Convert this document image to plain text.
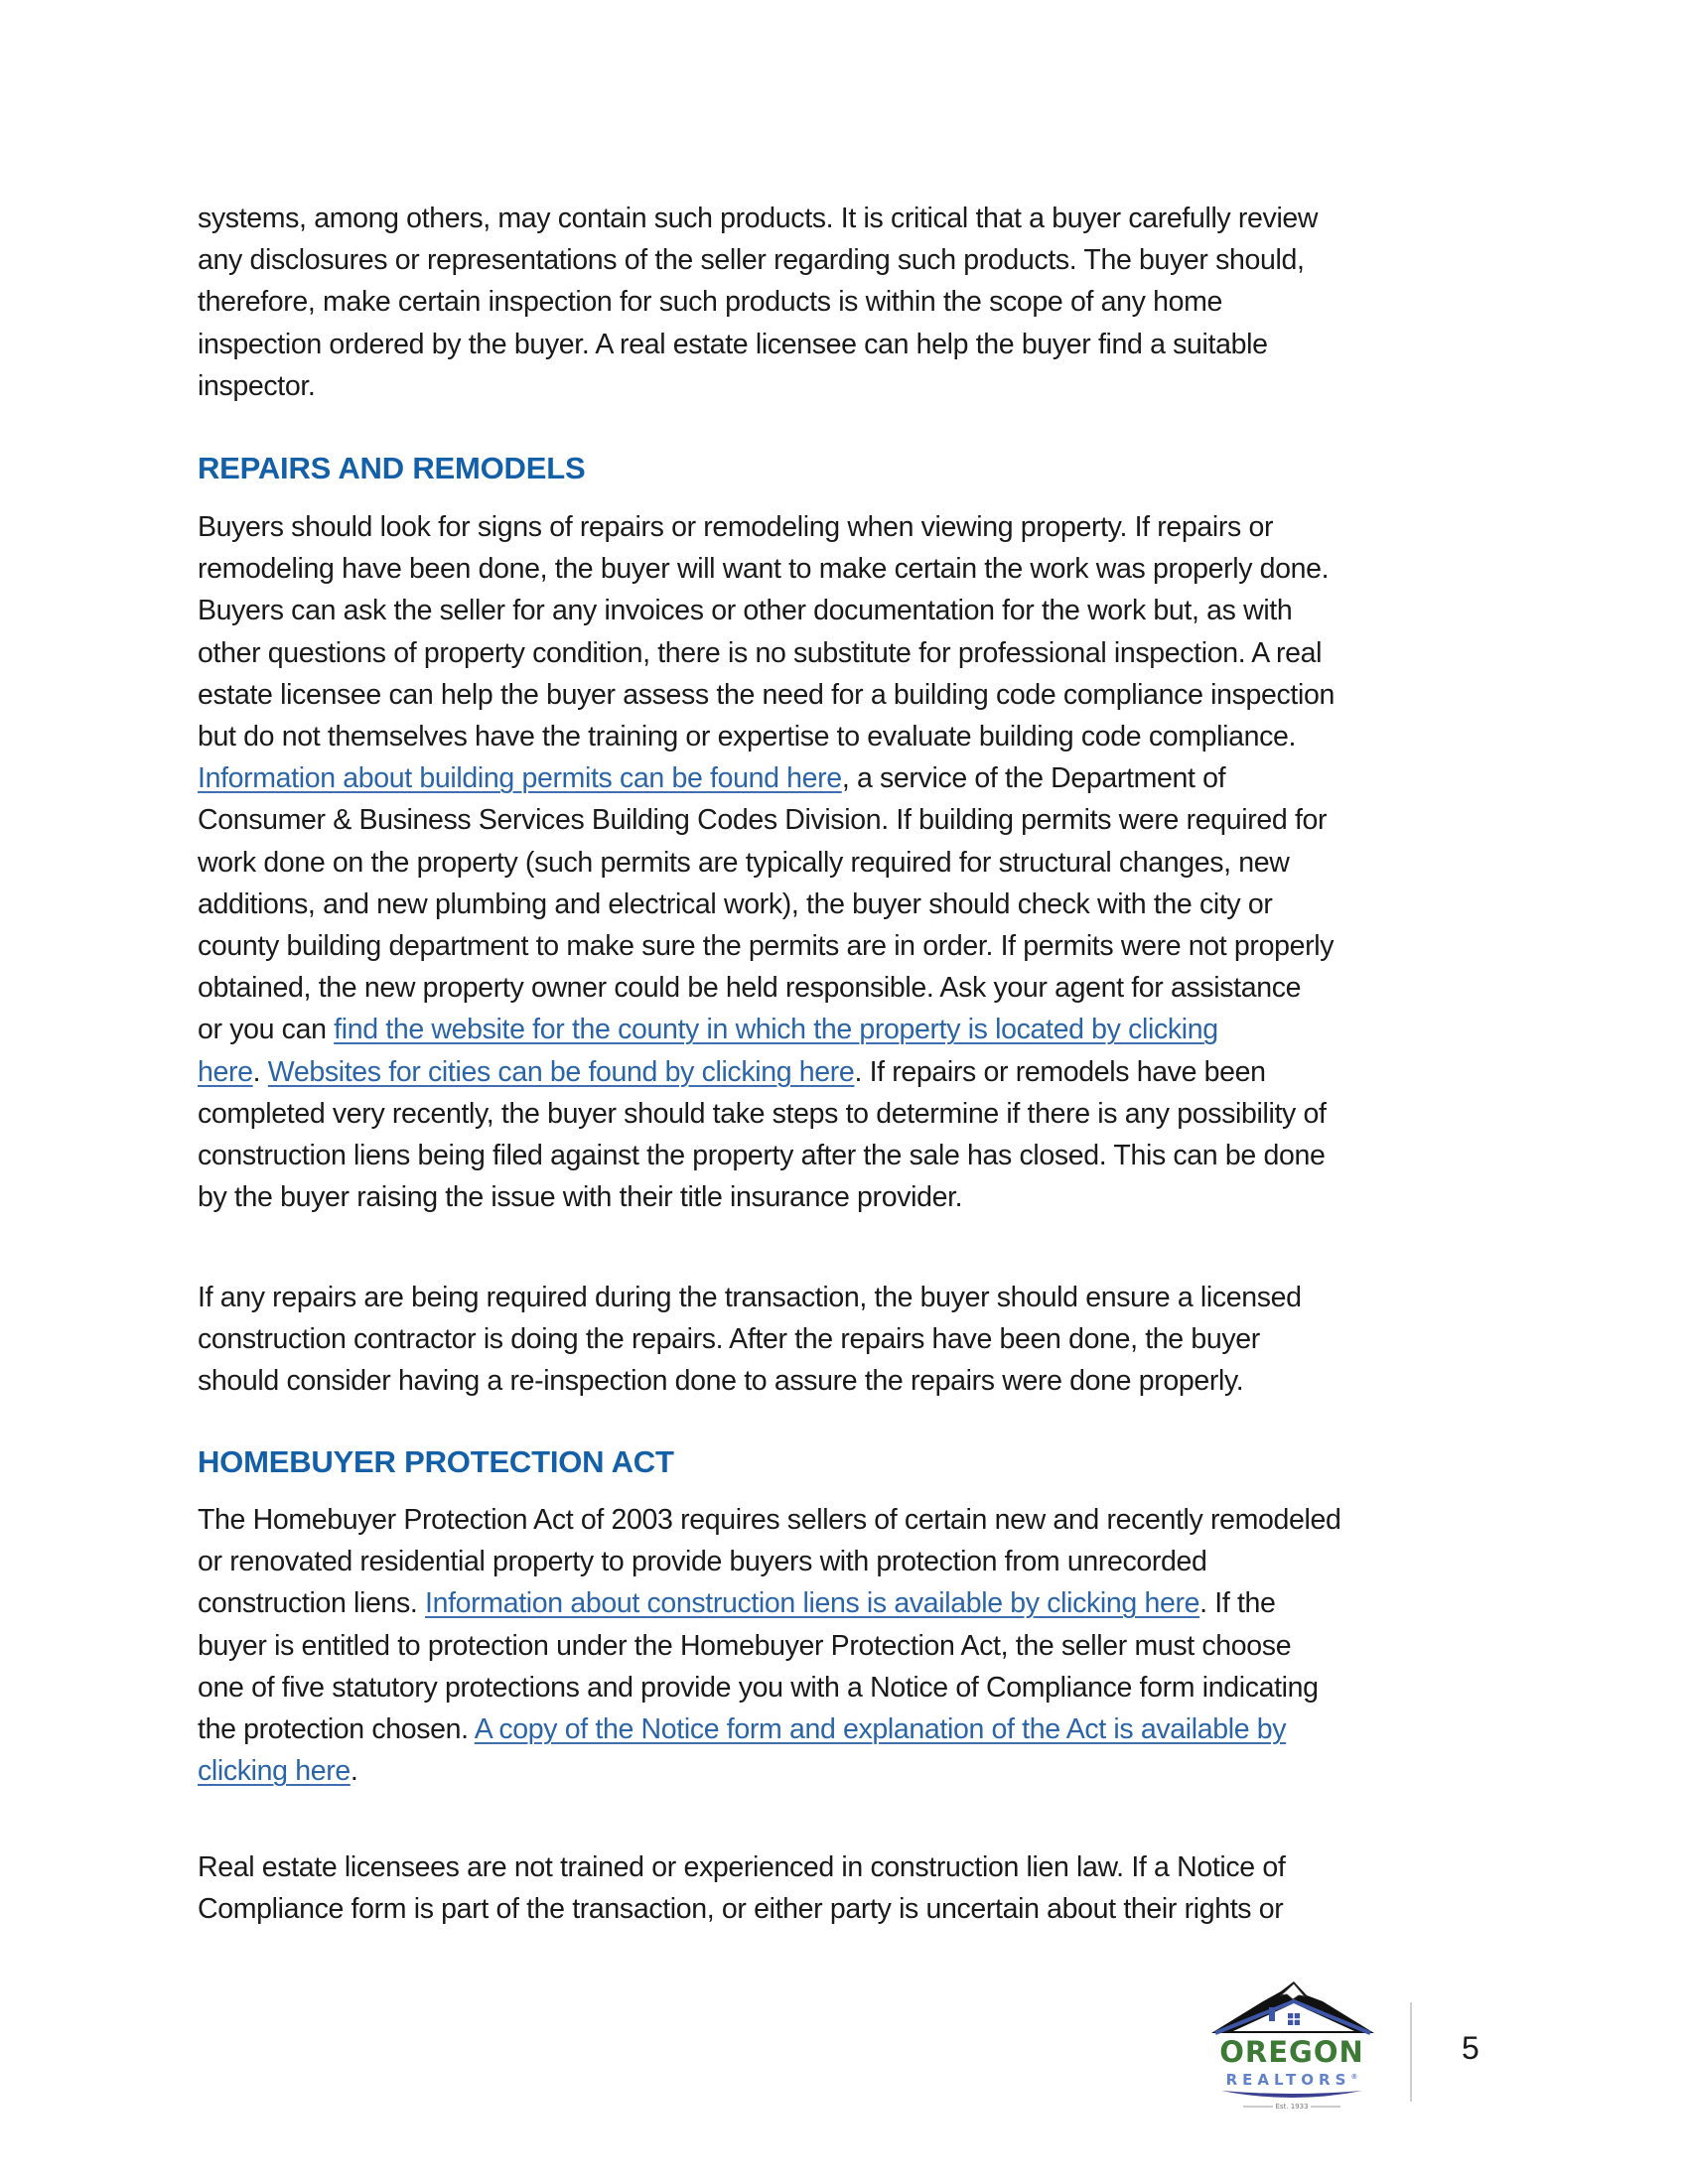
systems, among others, may contain such products. It is critical that a buyer carefully review
any disclosures or representations of the seller regarding such products. The buyer should,
therefore, make certain inspection for such products is within the scope of any home
inspection ordered by the buyer. A real estate licensee can help the buyer find a suitable
inspector.

REPAIRS AND REMODELS

Buyers should look for signs of repairs or remodeling when viewing property. If repairs or
remodeling have been done, the buyer will want to make certain the work was properly done.
Buyers can ask the seller for any invoices or other documentation for the work but, as with
other questions of property condition, there is no substitute for professional inspection. A real
estate licensee can help the buyer assess the need for a building code compliance inspection
but do not themselves have the training or expertise to evaluate building code compliance.
Information about building permits can be found here, a service of the Department of
Consumer & Business Services Building Codes Division. If building permits were required for
work done on the property (such permits are typically required for structural changes, new
additions, and new plumbing and electrical work), the buyer should check with the city or
county building department to make sure the permits are in order. If permits were not properly
obtained, the new property owner could be held responsible. Ask your agent for assistance
or you can find the website for the county in which the property is located by clicking
here. Websites for cities can be found by clicking here. If repairs or remodels have been
completed very recently, the buyer should take steps to determine if there is any possibility of
construction liens being filed against the property after the sale has closed. This can be done
by the buyer raising the issue with their title insurance provider.

If any repairs are being required during the transaction, the buyer should ensure a licensed
construction contractor is doing the repairs. After the repairs have been done, the buyer
should consider having a re-inspection done to assure the repairs were done properly.

HOMEBUYER PROTECTION ACT

The Homebuyer Protection Act of 2003 requires sellers of certain new and recently remodeled
or renovated residential property to provide buyers with protection from unrecorded
construction liens. Information about construction liens is available by clicking here. If the
buyer is entitled to protection under the Homebuyer Protection Act, the seller must choose
one of five statutory protections and provide you with a Notice of Compliance form indicating
the protection chosen. A copy of the Notice form and explanation of the Act is available by
clicking here.

Real estate licensees are not trained or experienced in construction lien law. If a Notice of
Compliance form is part of the transaction, or either party is uncertain about their rights or

OREGON
REALTORS®
Est. 1933
5
